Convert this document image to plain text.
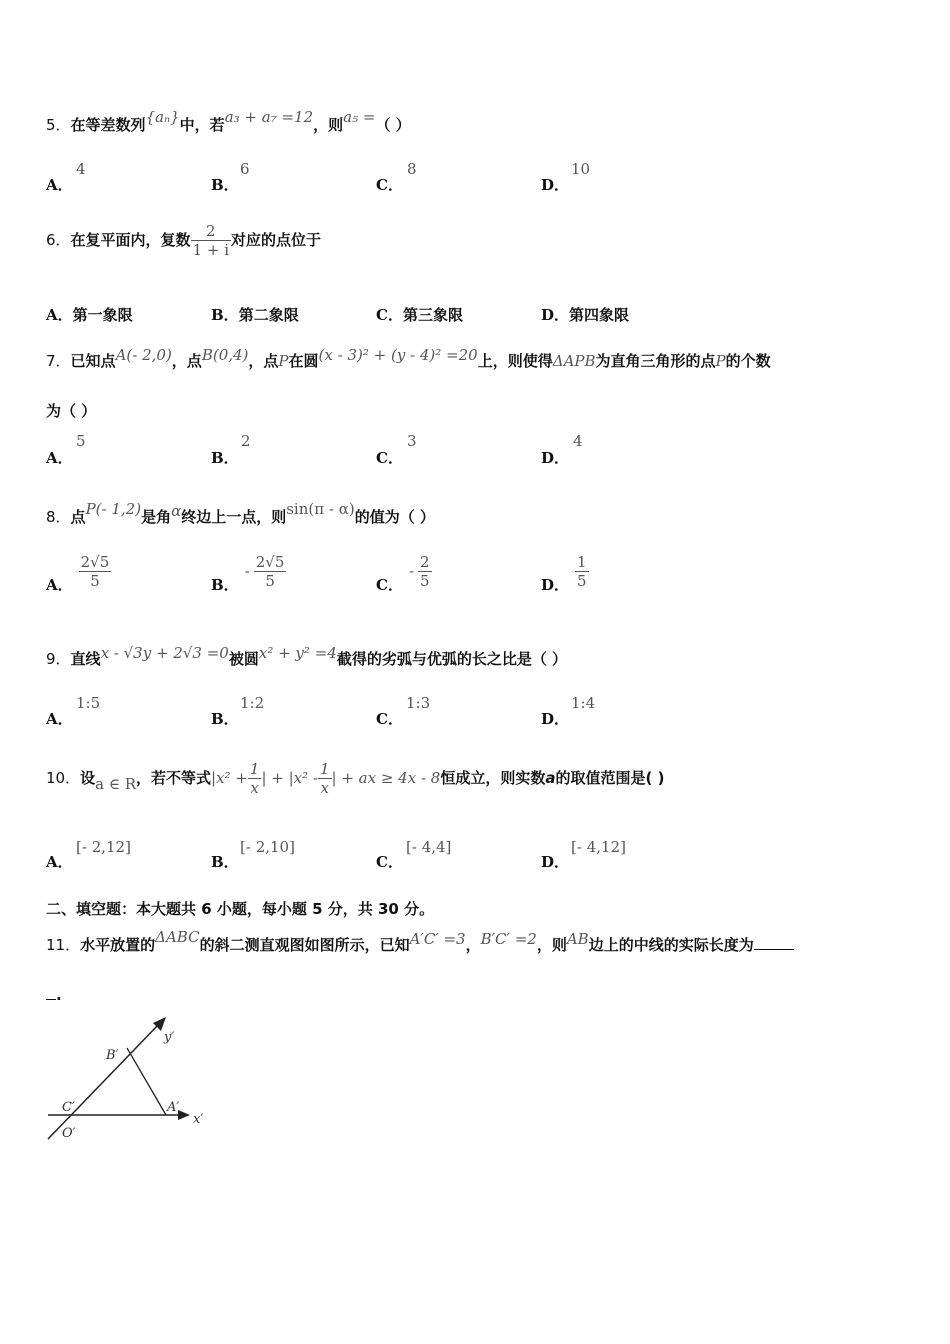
5．在等差数列{aₙ}中，若a₃ + a₇ =12，则a₅ =（ ）
A．
4
B．
6
C．
8
D．
10
6．在复平面内，复数 $\frac{2}{1 + i}$ 对应的点位于
A．第一象限	B．第二象限	C．第三象限	D．第四象限
7．已知点A(- 2,0)，点B(0,4)，点P在圆(x - 3)² + (y - 4)² =20上，则使得ΔAPB为直角三角形的点P的个数
为（ ）
A．
5
B．
2
C．
3
D．
4
8．点P(- 1,2)是角α终边上一点，则sin(π - α)的值为（ ）
A． $\frac{2√5}{5}$	B．- $\frac{2√5}{5}$	C．- $\frac{2}{5}$	D． $\frac{1}{5}$
9．直线x - √3y + 2√3 =0被圆x² + y² =4截得的劣弧与优弧的长之比是（ ）
A．
1:5
B．
1:2
C．
1:3
D．
1:4
10．设a ∈ R，若不等式$|x^2 + \frac{1}{x}$ | + $|x^2 - \frac{1}{x}$ | + ax ≥ 4x - 8恒成立，则实数a的取值范围是( )
A．
[- 2,12]
B．
[- 2,10]
C．
[- 4,4]
D．
[- 4,12]
二、填空题：本大题共 6 小题，每小题 5 分，共 30 分。
11．水平放置的ΔABC的斜二测直观图如图所示，已知A′C′ =3，B′C′ =2，则AB边上的中线的实际长度为
.
B′
C′
O′
A′
y′
x′
